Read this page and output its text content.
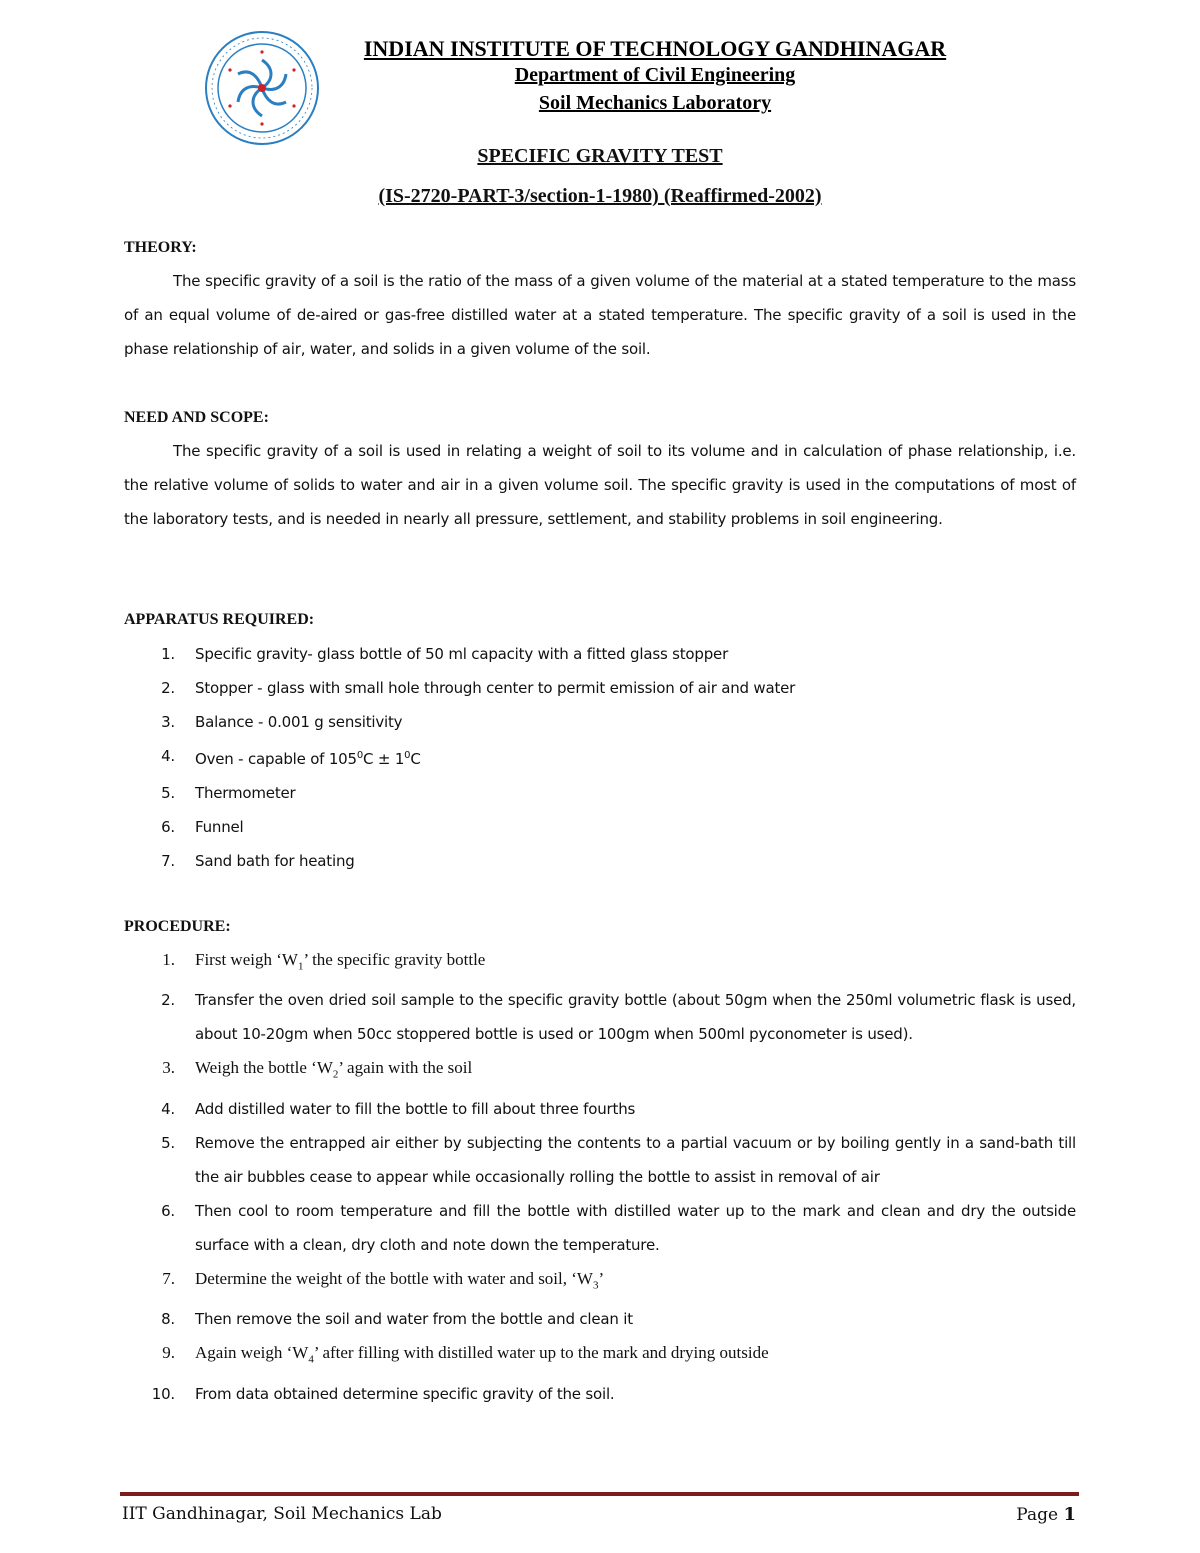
INDIAN INSTITUTE OF TECHNOLOGY GANDHINAGAR
Department of Civil Engineering
Soil Mechanics Laboratory
SPECIFIC GRAVITY TEST
(IS-2720-PART-3/section-1-1980) (Reaffirmed-2002)
THEORY:
The specific gravity of a soil is the ratio of the mass of a given volume of the material at a stated temperature to the mass of an equal volume of de-aired or gas-free distilled water at a stated temperature. The specific gravity of a soil is used in the phase relationship of air, water, and solids in a given volume of the soil.
NEED AND SCOPE:
The specific gravity of a soil is used in relating a weight of soil to its volume and in calculation of phase relationship, i.e. the relative volume of solids to water and air in a given volume soil. The specific gravity is used in the computations of most of the laboratory tests, and is needed in nearly all pressure, settlement, and stability problems in soil engineering.
APPARATUS REQUIRED:
1. Specific gravity- glass bottle of 50 ml capacity with a fitted glass stopper
2. Stopper - glass with small hole through center to permit emission of air and water
3. Balance - 0.001 g sensitivity
4. Oven - capable of $105^0C \pm 1^0C$
5. Thermometer
6. Funnel
7. Sand bath for heating
PROCEDURE:
1. First weigh ‘$W_1$’ the specific gravity bottle
2. Transfer the oven dried soil sample to the specific gravity bottle (about 50gm when the 250ml volumetric flask is used, about 10-20gm when 50cc stoppered bottle is used or 100gm when 500ml pyconometer is used).
3. Weigh the bottle ‘$W_2$’ again with the soil
4. Add distilled water to fill the bottle to fill about three fourths
5. Remove the entrapped air either by subjecting the contents to a partial vacuum or by boiling gently in a sand-bath till the air bubbles cease to appear while occasionally rolling the bottle to assist in removal of air
6. Then cool to room temperature and fill the bottle with distilled water up to the mark and clean and dry the outside surface with a clean, dry cloth and note down the temperature.
7. Determine the weight of the bottle with water and soil, ‘$W_3$’
8. Then remove the soil and water from the bottle and clean it
9. Again weigh ‘$W_4$’ after filling with distilled water up to the mark and drying outside
10. From data obtained determine specific gravity of the soil.
IIT Gandhinagar, Soil Mechanics Lab	Page 1
